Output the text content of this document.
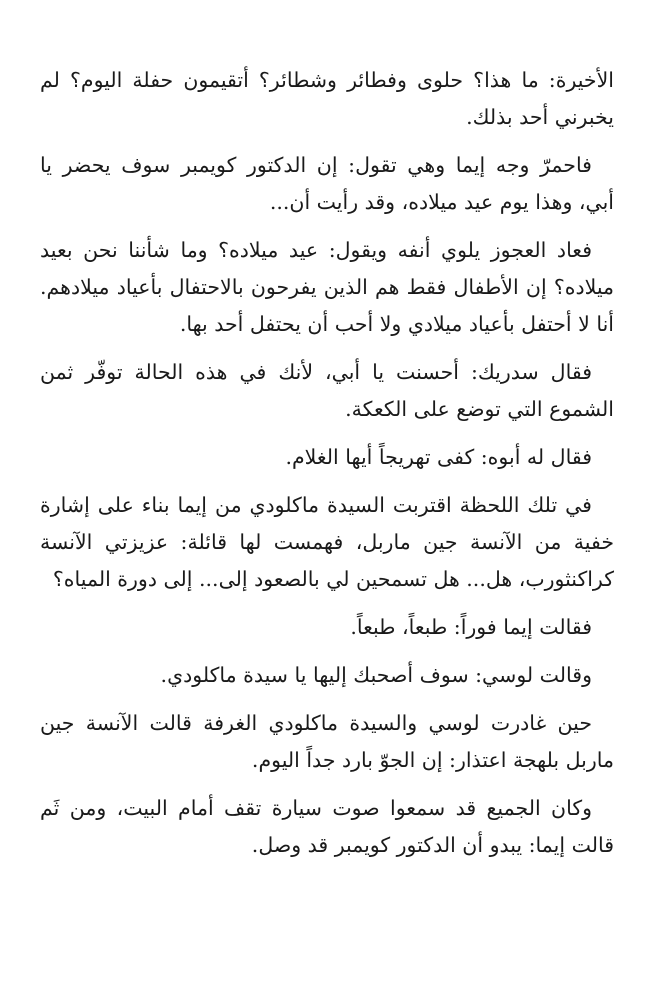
الأخيرة: ما هذا؟ حلوى وفطائر وشطائر؟ أتقيمون حفلة اليوم؟ لم يخبرني أحد بذلك.

فاحمرّ وجه إيما وهي تقول: إن الدكتور كويمبر سوف يحضر يا أبي، وهذا يوم عيد ميلاده، وقد رأيت أن...

فعاد العجوز يلوي أنفه ويقول: عيد ميلاده؟ وما شأننا نحن بعيد ميلاده؟ إن الأطفال فقط هم الذين يفرحون بالاحتفال بأعياد ميلادهم. أنا لا أحتفل بأعياد ميلادي ولا أحب أن يحتفل أحد بها.

فقال سدريك: أحسنت يا أبي، لأنك في هذه الحالة توفّر ثمن الشموع التي توضع على الكعكة.

فقال له أبوه: كفى تهريجاً أيها الغلام.

في تلك اللحظة اقتربت السيدة ماكلودي من إيما بناء على إشارة خفية من الآنسة جين ماربل، فهمست لها قائلة: عزيزتي الآنسة كراكنثورب، هل... هل تسمحين لي بالصعود إلى... إلى دورة المياه؟

فقالت إيما فوراً: طبعاً، طبعاً.

وقالت لوسي: سوف أصحبك إليها يا سيدة ماكلودي.

حين غادرت لوسي والسيدة ماكلودي الغرفة قالت الآنسة جين ماربل بلهجة اعتذار: إن الجوّ بارد جداً اليوم.

وكان الجميع قد سمعوا صوت سيارة تقف أمام البيت، ومن ثَم قالت إيما: يبدو أن الدكتور كويمبر قد وصل.
